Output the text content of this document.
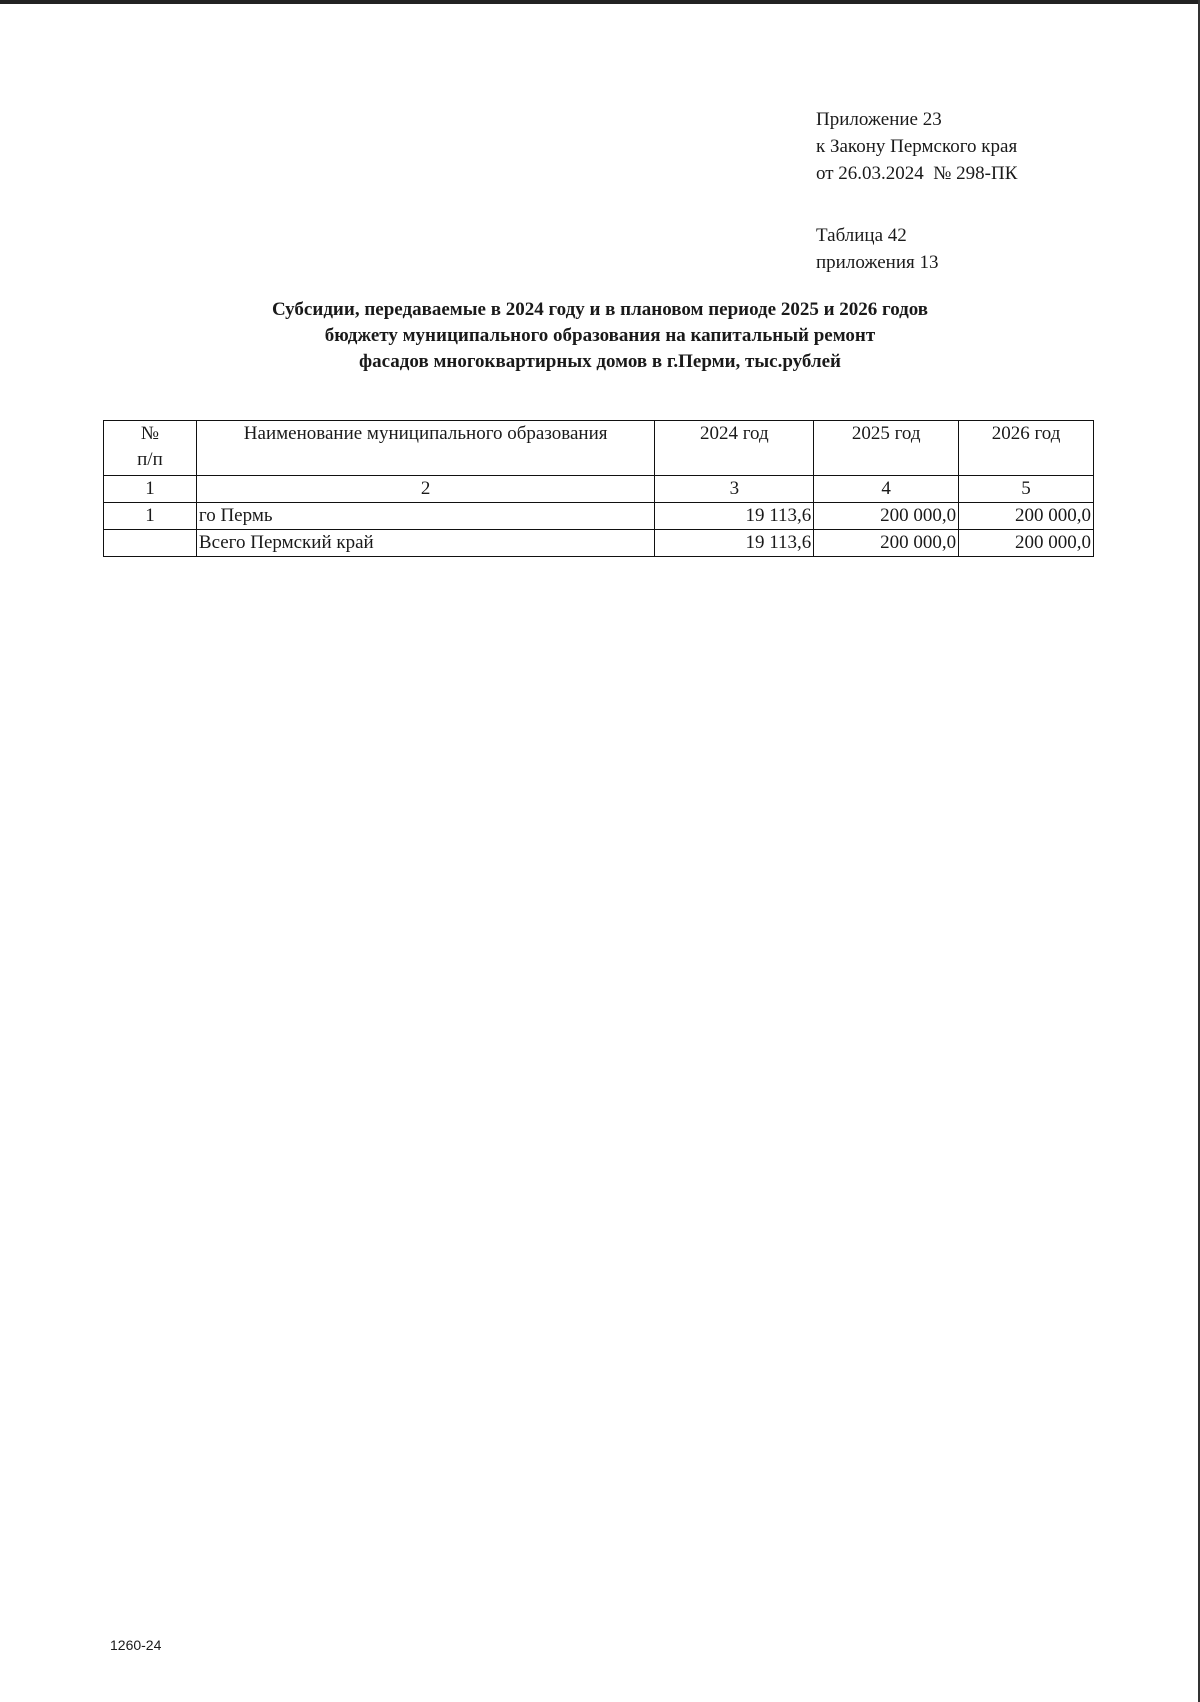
Приложение 23
к Закону Пермского края
от 26.03.2024  № 298-ПК
Таблица 42
приложения 13
Субсидии, передаваемые в 2024 году и в плановом периоде 2025 и 2026 годов
бюджету муниципального образования на капитальный ремонт
фасадов многоквартирных домов в г.Перми, тыс.рублей
№
п/п	Наименование муниципального образования	2024 год	2025 год	2026 год
1	2	3	4	5
1	го Пермь	19 113,6	200 000,0	200 000,0
	Всего Пермский край	19 113,6	200 000,0	200 000,0
1260-24
